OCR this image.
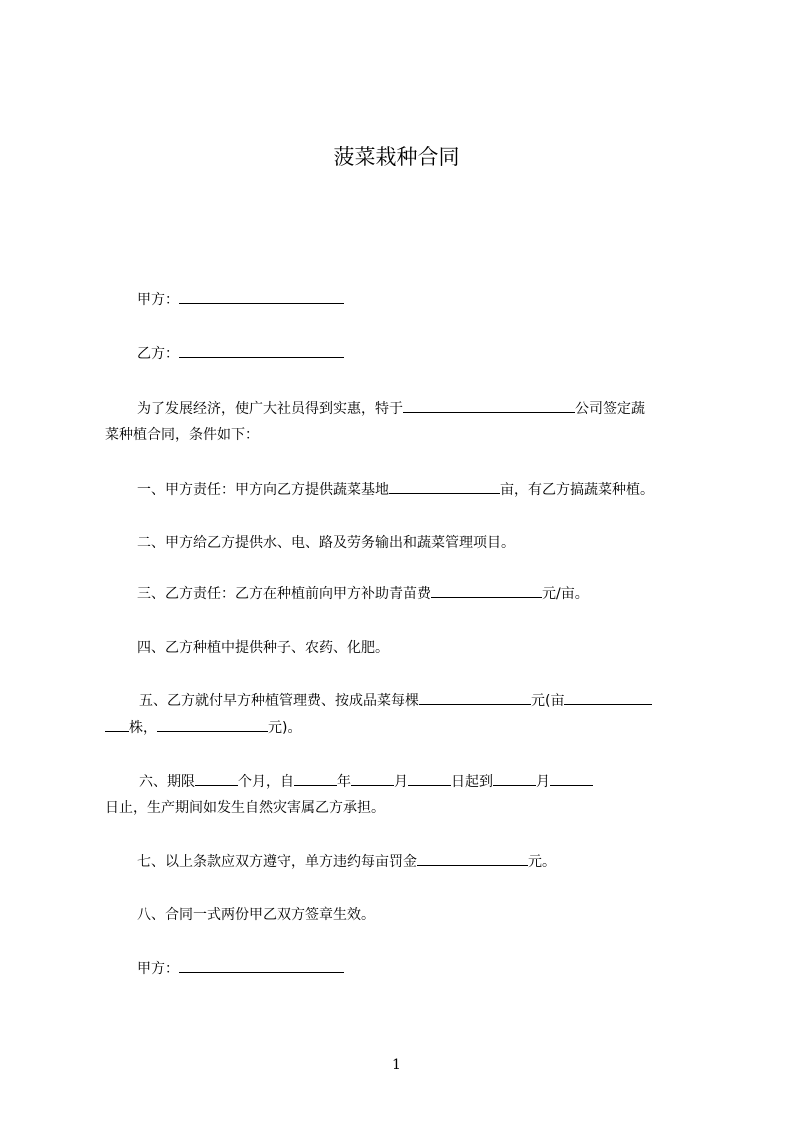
菠菜栽种合同
甲方：
乙方：
为了发展经济，使广大社员得到实惠，特于	公司签定蔬
菜种植合同，条件如下：
一、甲方责任：甲方向乙方提供蔬菜基地	亩，有乙方搞蔬菜种植。
二、甲方给乙方提供水、电、路及劳务输出和蔬菜管理项目。
三、乙方责任：乙方在种植前向甲方补助青苗费	元/亩。
四、乙方种植中提供种子、农药、化肥。
五、乙方就付早方种植管理费、按成品菜每棵	元(亩
株，	元)。
六、期限	个月，自	年	月	日起到	月
日止，生产期间如发生自然灾害属乙方承担。
七、以上条款应双方遵守，单方违约每亩罚金	元。
八、合同一式两份甲乙双方签章生效。
甲方：
1
